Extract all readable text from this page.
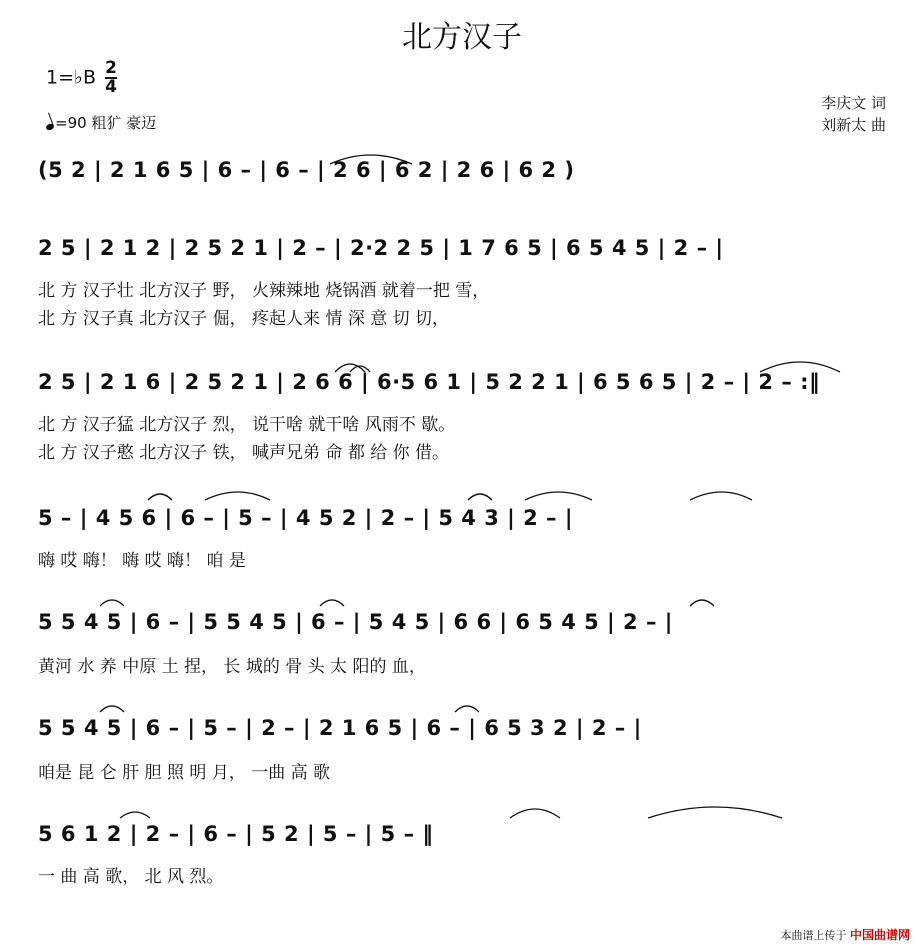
北方汉子
1=♭B $\frac{2}{4}$
=90 粗犷 豪迈
李庆文 词
刘新太 曲
(5 2 | 2 1 6 5 | 6 – | 6 – | 2 6 | 6 2 | 2 6 | 6 2 )
2 5 | 2 1 2 | 2 5 2 1 | 2 – | 2·2 2 5 | 1 7 6 5 | 6 5 4 5 | 2 – |
北 方 汉子壮 北方汉子 野， 火辣辣地 烧锅酒 就着一把 雪，
北 方 汉子真 北方汉子 倔， 疼起人来 情 深 意 切 切，
2 5 | 2 1 6 | 2 5 2 1 | 2 6 6 | 6·5 6 1 | 5 2 2 1 | 6 5 6 5 | 2 – | 2 – :‖
北 方 汉子猛 北方汉子 烈， 说干啥 就干啥 风雨不 歇。
北 方 汉子憨 北方汉子 铁， 喊声兄弟 命 都 给 你 借。
5 – | 4 5 6 | 6 – | 5 – | 4 5 2 | 2 – | 5 4 3 | 2 – |
嗨 哎 嗨！ 嗨 哎 嗨！ 咱 是
5 5 4 5 | 6 – | 5 5 4 5 | 6 – | 5 4 5 | 6 6 | 6 5 4 5 | 2 – |
黄河 水 养 中原 土 捏， 长 城的 骨 头 太 阳的 血，
5 5 4 5 | 6 – | 5 – | 2 – | 2 1 6 5 | 6 – | 6 5 3 2 | 2 – |
咱是 昆 仑 肝 胆 照 明 月， 一曲 高 歌
5 6 1 2 | 2 – | 6 – | 5 2 | 5 – | 5 – ‖
一 曲 高 歌， 北 风 烈。
本曲谱上传于 中国曲谱网
